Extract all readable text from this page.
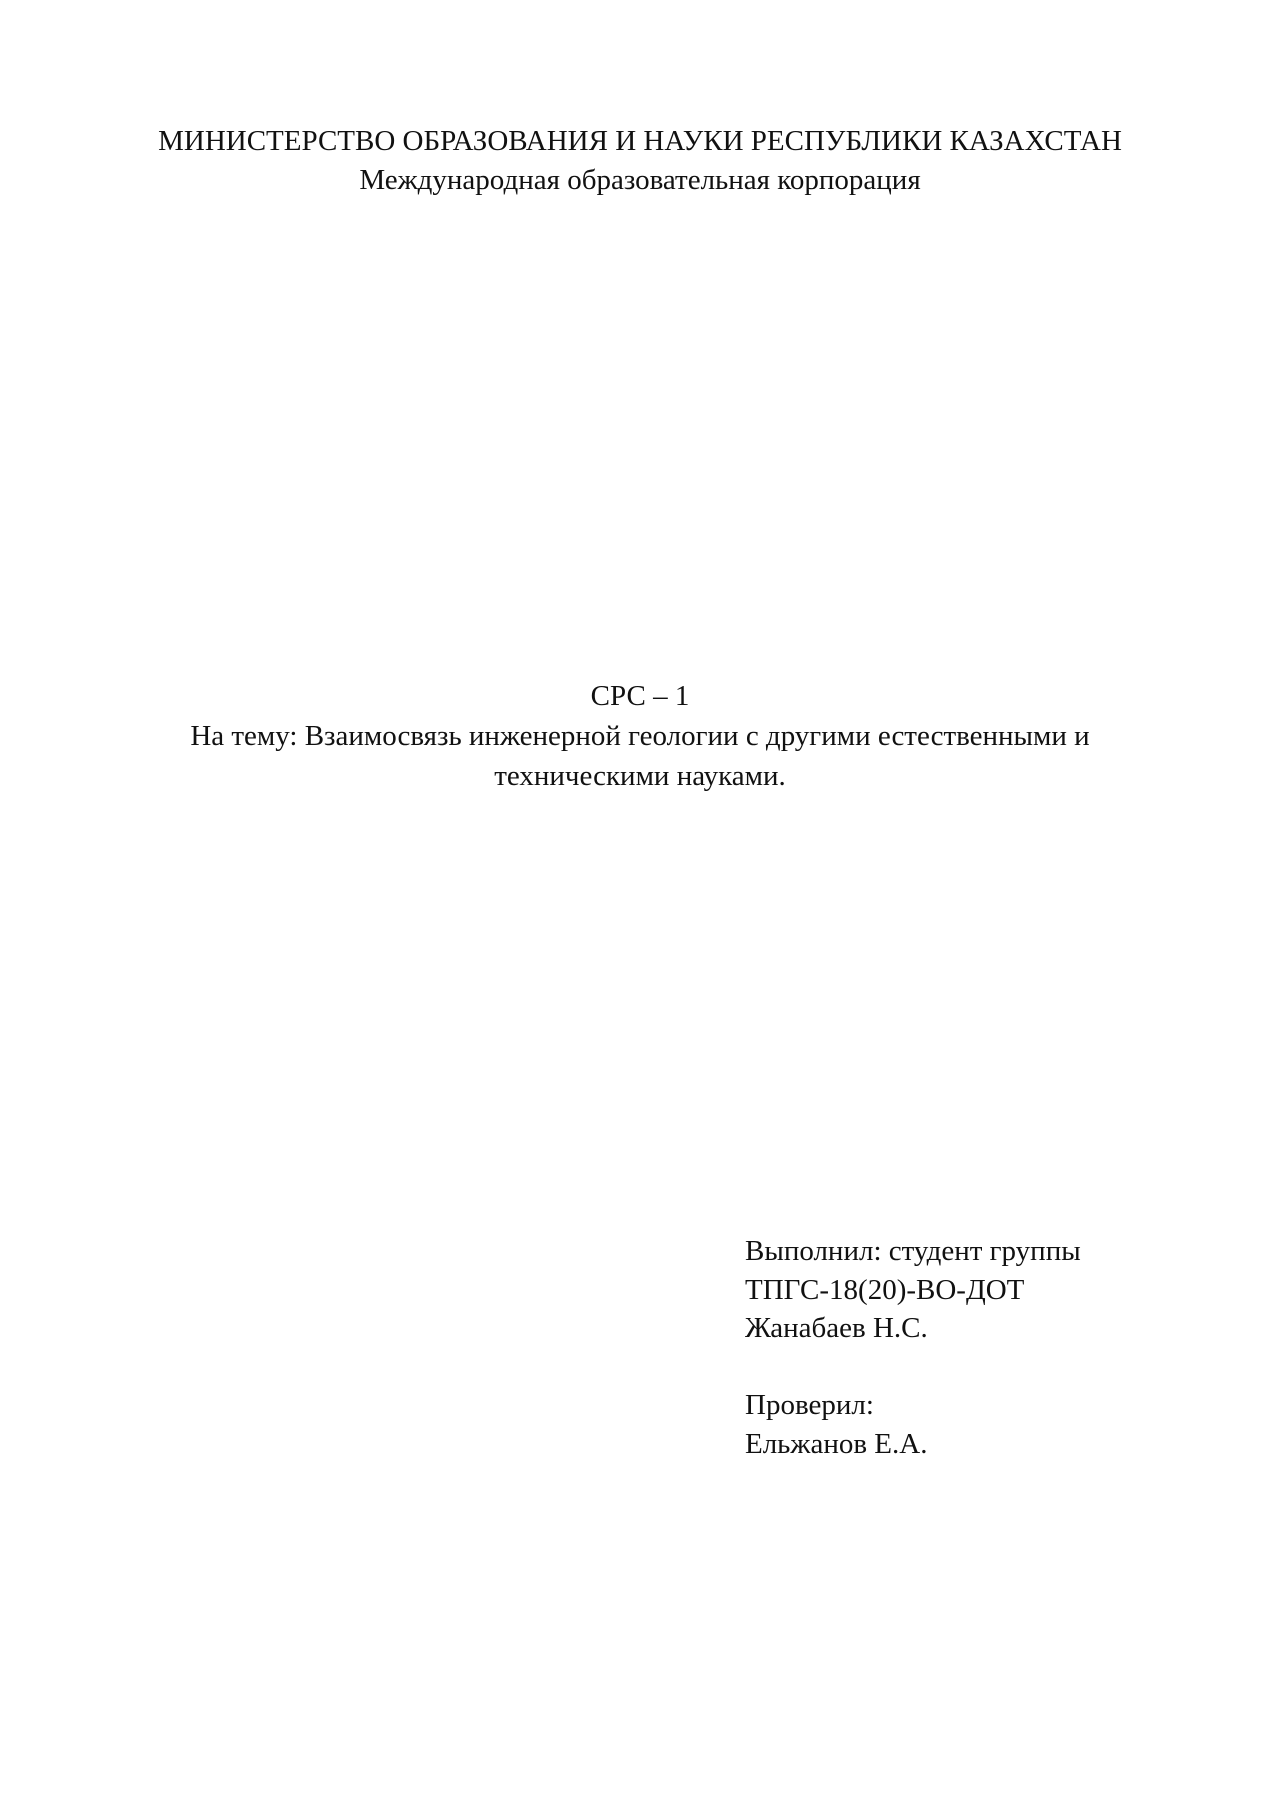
МИНИСТЕРСТВО ОБРАЗОВАНИЯ И НАУКИ РЕСПУБЛИКИ КАЗАХСТАН
Международная образовательная корпорация
СРС – 1
На тему: Взаимосвязь инженерной геологии с другими естественными и
техническими науками.
Выполнил: студент группы
ТПГС-18(20)-ВО-ДОТ
Жанабаев Н.С.
Проверил:
Ельжанов Е.А.
